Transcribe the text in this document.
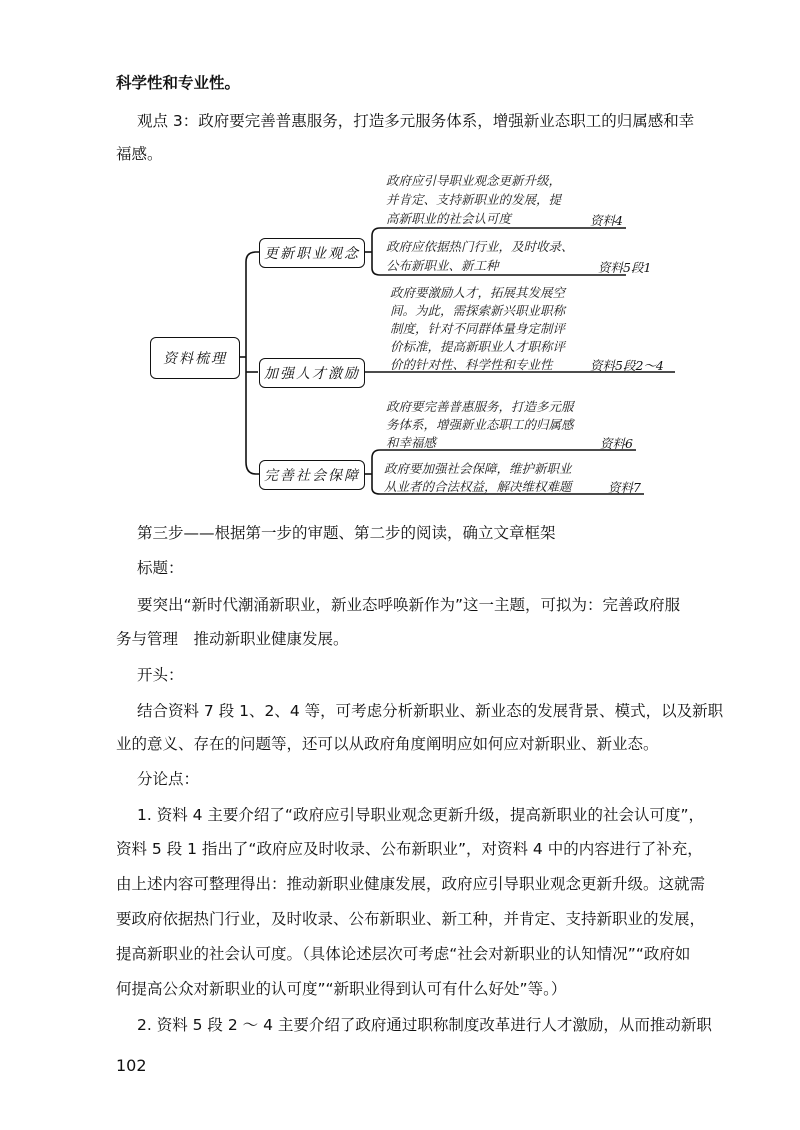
科学性和专业性。
观点 3：政府要完善普惠服务，打造多元服务体系，增强新业态职工的归属感和幸
福感。
资料梳理
更新职业观念
加强人才激励
完善社会保障
政府应引导职业观念更新升级，
并肯定、支持新职业的发展，提
高新职业的社会认可度	资料4
政府应依据热门行业，及时收录、
公布新职业、新工种	资料5段1
政府要激励人才，拓展其发展空
间。为此，需探索新兴职业职称
制度，针对不同群体量身定制评
价标准，提高新职业人才职称评
价的针对性、科学性和专业性	资料5段2～4
政府要完善普惠服务，打造多元服
务体系，增强新业态职工的归属感
和幸福感	资料6
政府要加强社会保障，维护新职业
从业者的合法权益，解决维权难题	资料7
第三步——根据第一步的审题、第二步的阅读，确立文章框架
标题：
要突出“新时代潮涌新职业，新业态呼唤新作为”这一主题，可拟为：完善政府服
务与管理　推动新职业健康发展。
开头：
结合资料 7 段 1、2、4 等，可考虑分析新职业、新业态的发展背景、模式，以及新职
业的意义、存在的问题等，还可以从政府角度阐明应如何应对新职业、新业态。
分论点：
1. 资料 4 主要介绍了“政府应引导职业观念更新升级，提高新职业的社会认可度”，
资料 5 段 1 指出了“政府应及时收录、公布新职业”，对资料 4 中的内容进行了补充，
由上述内容可整理得出：推动新职业健康发展，政府应引导职业观念更新升级。这就需
要政府依据热门行业，及时收录、公布新职业、新工种，并肯定、支持新职业的发展，
提高新职业的社会认可度。（具体论述层次可考虑“社会对新职业的认知情况”“政府如
何提高公众对新职业的认可度”“新职业得到认可有什么好处”等。）
2. 资料 5 段 2 ～ 4 主要介绍了政府通过职称制度改革进行人才激励，从而推动新职
102
